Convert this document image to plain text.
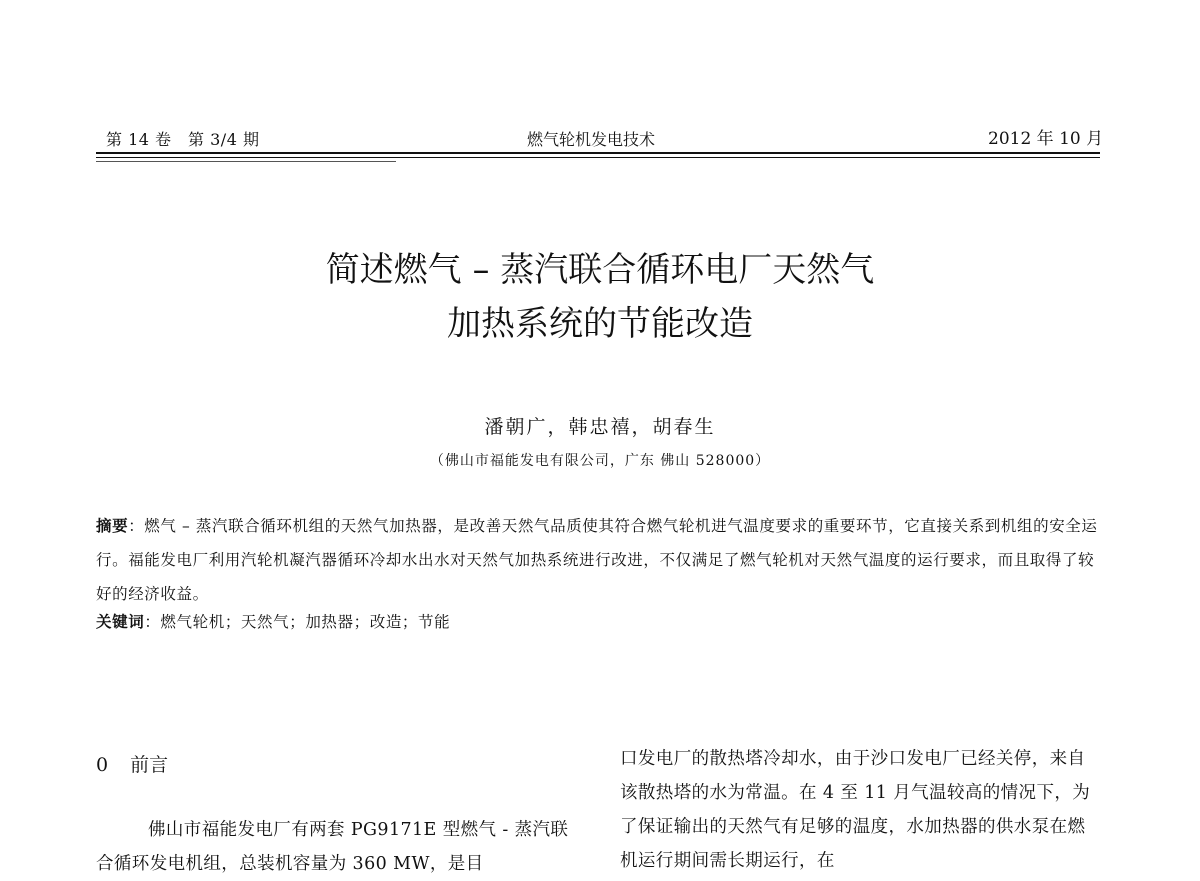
第 14 卷　第 3/4 期	燃气轮机发电技术	2012 年 10 月
简述燃气 – 蒸汽联合循环电厂天然气
加热系统的节能改造
潘朝广，韩忠禧，胡春生
（佛山市福能发电有限公司，广东 佛山 528000）

摘要：燃气 – 蒸汽联合循环机组的天然气加热器，是改善天然气品质使其符合燃气轮机进气温度要求的重要环节，它直接关系到机组的安全运行。福能发电厂利用汽轮机凝汽器循环冷却水出水对天然气加热系统进行改进，不仅满足了燃气轮机对天然气温度的运行要求，而且取得了较好的经济收益。

关键词：燃气轮机；天然气；加热器；改造；节能

0 前言

佛山市福能发电厂有两套 PG9171E 型燃气 - 蒸汽联合循环发电机组，总装机容量为 360 MW，是目

口发电厂的散热塔冷却水，由于沙口发电厂已经关停，来自该散热塔的水为常温。在 4 至 11 月气温较高的情况下，为了保证输出的天然气有足够的温度，水加热器的供水泵在燃机运行期间需长期运行，在
